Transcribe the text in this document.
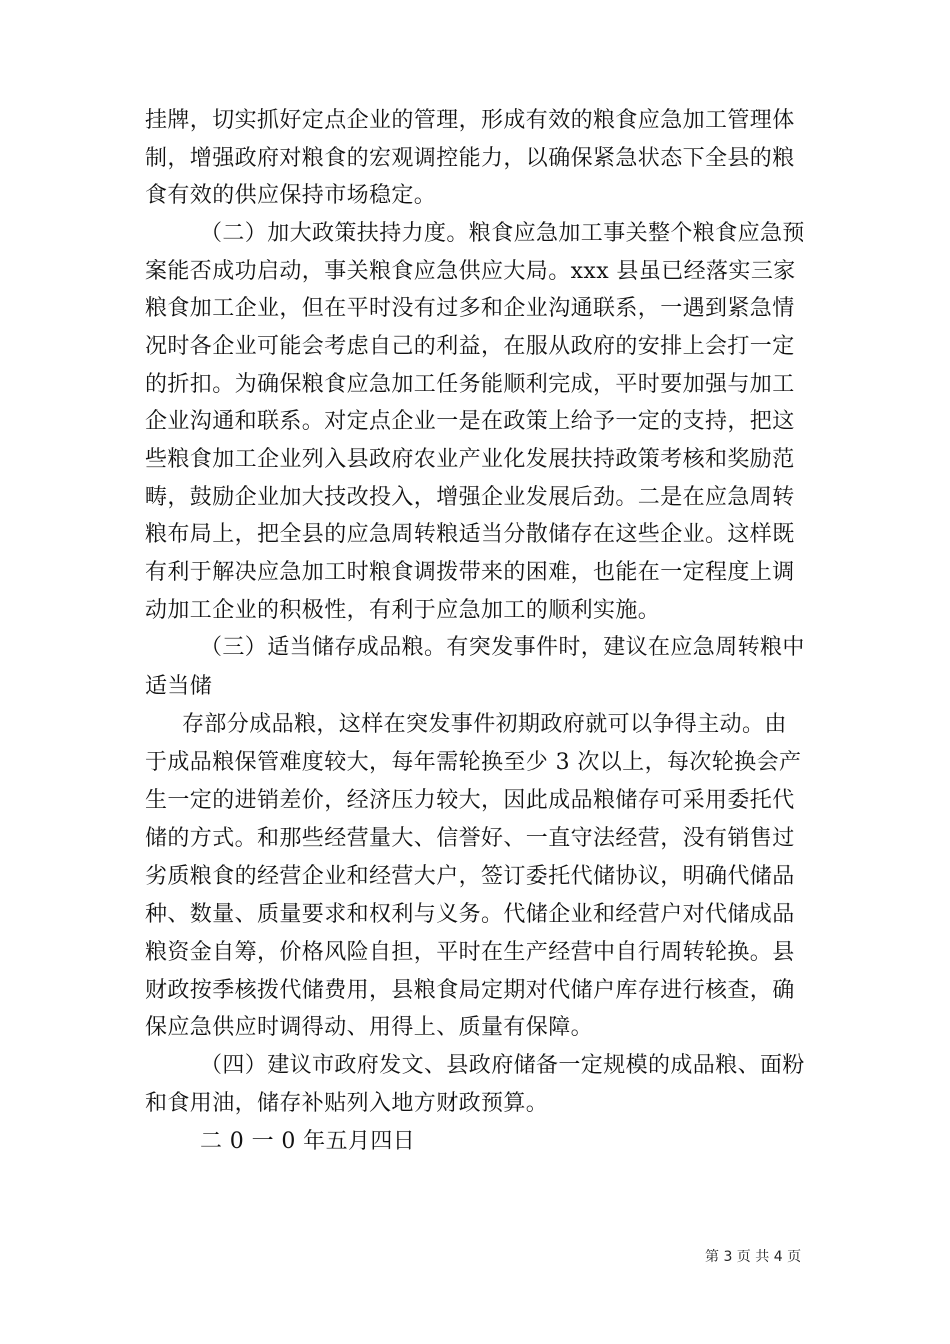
挂牌，切实抓好定点企业的管理，形成有效的粮食应急加工管理体
制，增强政府对粮食的宏观调控能力，以确保紧急状态下全县的粮
食有效的供应保持市场稳定。
（二）加大政策扶持力度。粮食应急加工事关整个粮食应急预
案能否成功启动，事关粮食应急供应大局。xxx 县虽已经落实三家
粮食加工企业，但在平时没有过多和企业沟通联系，一遇到紧急情
况时各企业可能会考虑自己的利益，在服从政府的安排上会打一定
的折扣。为确保粮食应急加工任务能顺利完成，平时要加强与加工
企业沟通和联系。对定点企业一是在政策上给予一定的支持，把这
些粮食加工企业列入县政府农业产业化发展扶持政策考核和奖励范
畴，鼓励企业加大技改投入，增强企业发展后劲。二是在应急周转
粮布局上，把全县的应急周转粮适当分散储存在这些企业。这样既
有利于解决应急加工时粮食调拨带来的困难，也能在一定程度上调
动加工企业的积极性，有利于应急加工的顺利实施。
（三）适当储存成品粮。有突发事件时，建议在应急周转粮中
适当储
存部分成品粮，这样在突发事件初期政府就可以争得主动。由
于成品粮保管难度较大，每年需轮换至少 3 次以上，每次轮换会产
生一定的进销差价，经济压力较大，因此成品粮储存可采用委托代
储的方式。和那些经营量大、信誉好、一直守法经营，没有销售过
劣质粮食的经营企业和经营大户，签订委托代储协议，明确代储品
种、数量、质量要求和权利与义务。代储企业和经营户对代储成品
粮资金自筹，价格风险自担，平时在生产经营中自行周转轮换。县
财政按季核拨代储费用，县粮食局定期对代储户库存进行核查，确
保应急供应时调得动、用得上、质量有保障。
（四）建议市政府发文、县政府储备一定规模的成品粮、面粉
和食用油，储存补贴列入地方财政预算。
二 0 一 0 年五月四日
第 3 页 共 4 页
